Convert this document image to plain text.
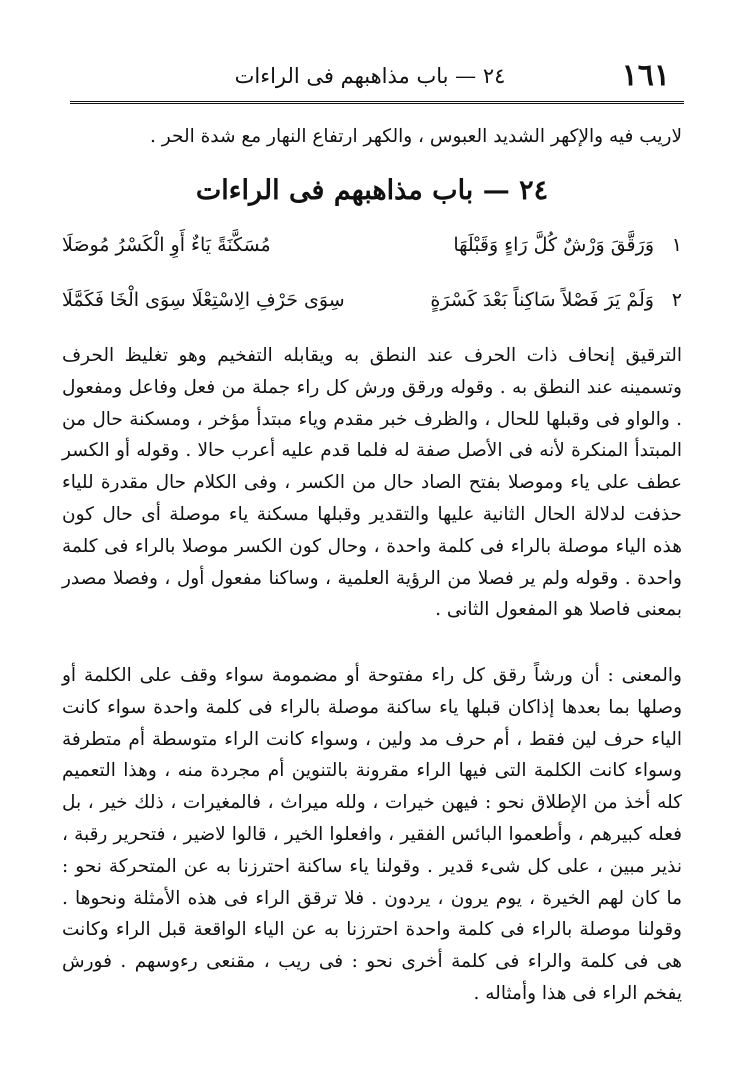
١٦١
٢٤ — باب مذاهبهم فى الراءات

لاريب فيه والإكهر الشديد العبوس ، والكهر ارتفاع النهار مع شدة الحر .

٢٤ — باب مذاهبهم فى الراءات
١
وَرَقَّقَ وَرْشٌ كُلَّ رَاءٍ وَقَبْلَهَا
مُسَكَّنَةً يَاءٌ أَوِ الْكَسْرُ مُوصَلَا
٢
وَلَمْ يَرَ فَصْلاً سَاكِناً بَعْدَ كَسْرَةٍ
سِوَى حَرْفِ الِاسْتِعْلَا سِوَى الْخَا فَكَمَّلَا

الترقيق إنحاف ذات الحرف عند النطق به ويقابله التفخيم وهو تغليظ الحرف وتسمينه عند النطق به . وقوله ورقق ورش كل راء جملة من فعل وفاعل ومفعول . والواو فى وقبلها للحال ، والظرف خبر مقدم وياء مبتدأ مؤخر ، ومسكنة حال من المبتدأ المنكرة لأنه فى الأصل صفة له فلما قدم عليه أعرب حالا . وقوله أو الكسر عطف على ياء وموصلا بفتح الصاد حال من الكسر ، وفى الكلام حال مقدرة للياء حذفت لدلالة الحال الثانية عليها والتقدير وقبلها مسكنة ياء موصلة أى حال كون هذه الياء موصلة بالراء فى كلمة واحدة ، وحال كون الكسر موصلا بالراء فى كلمة واحدة . وقوله ولم ير فصلا من الرؤية العلمية ، وساكنا مفعول أول ، وفصلا مصدر بمعنى فاصلا هو المفعول الثانى .

والمعنى : أن ورشاً رقق كل راء مفتوحة أو مضمومة سواء وقف على الكلمة أو وصلها بما بعدها إذاكان قبلها ياء ساكنة موصلة بالراء فى كلمة واحدة سواء كانت الياء حرف لين فقط ، أم حرف مد ولين ، وسواء كانت الراء متوسطة أم متطرفة وسواء كانت الكلمة التى فيها الراء مقرونة بالتنوين أم مجردة منه ، وهذا التعميم كله أخذ من الإطلاق نحو : فيهن خيرات ، ولله ميراث ، فالمغيرات ، ذلك خير ، بل فعله كبيرهم ، وأطعموا البائس الفقير ، وافعلوا الخير ، قالوا لاضير ، فتحرير رقبة ، نذير مبين ، على كل شىء قدير . وقولنا ياء ساكنة احترزنا به عن المتحركة نحو : ما كان لهم الخيرة ، يوم يرون ، يردون . فلا ترقق الراء فى هذه الأمثلة ونحوها . وقولنا موصلة بالراء فى كلمة واحدة احترزنا به عن الياء الواقعة قبل الراء وكانت هى فى كلمة والراء فى كلمة أخرى نحو : فى ريب ، مقنعى رءوسهم . فورش يفخم الراء فى هذا وأمثاله .
